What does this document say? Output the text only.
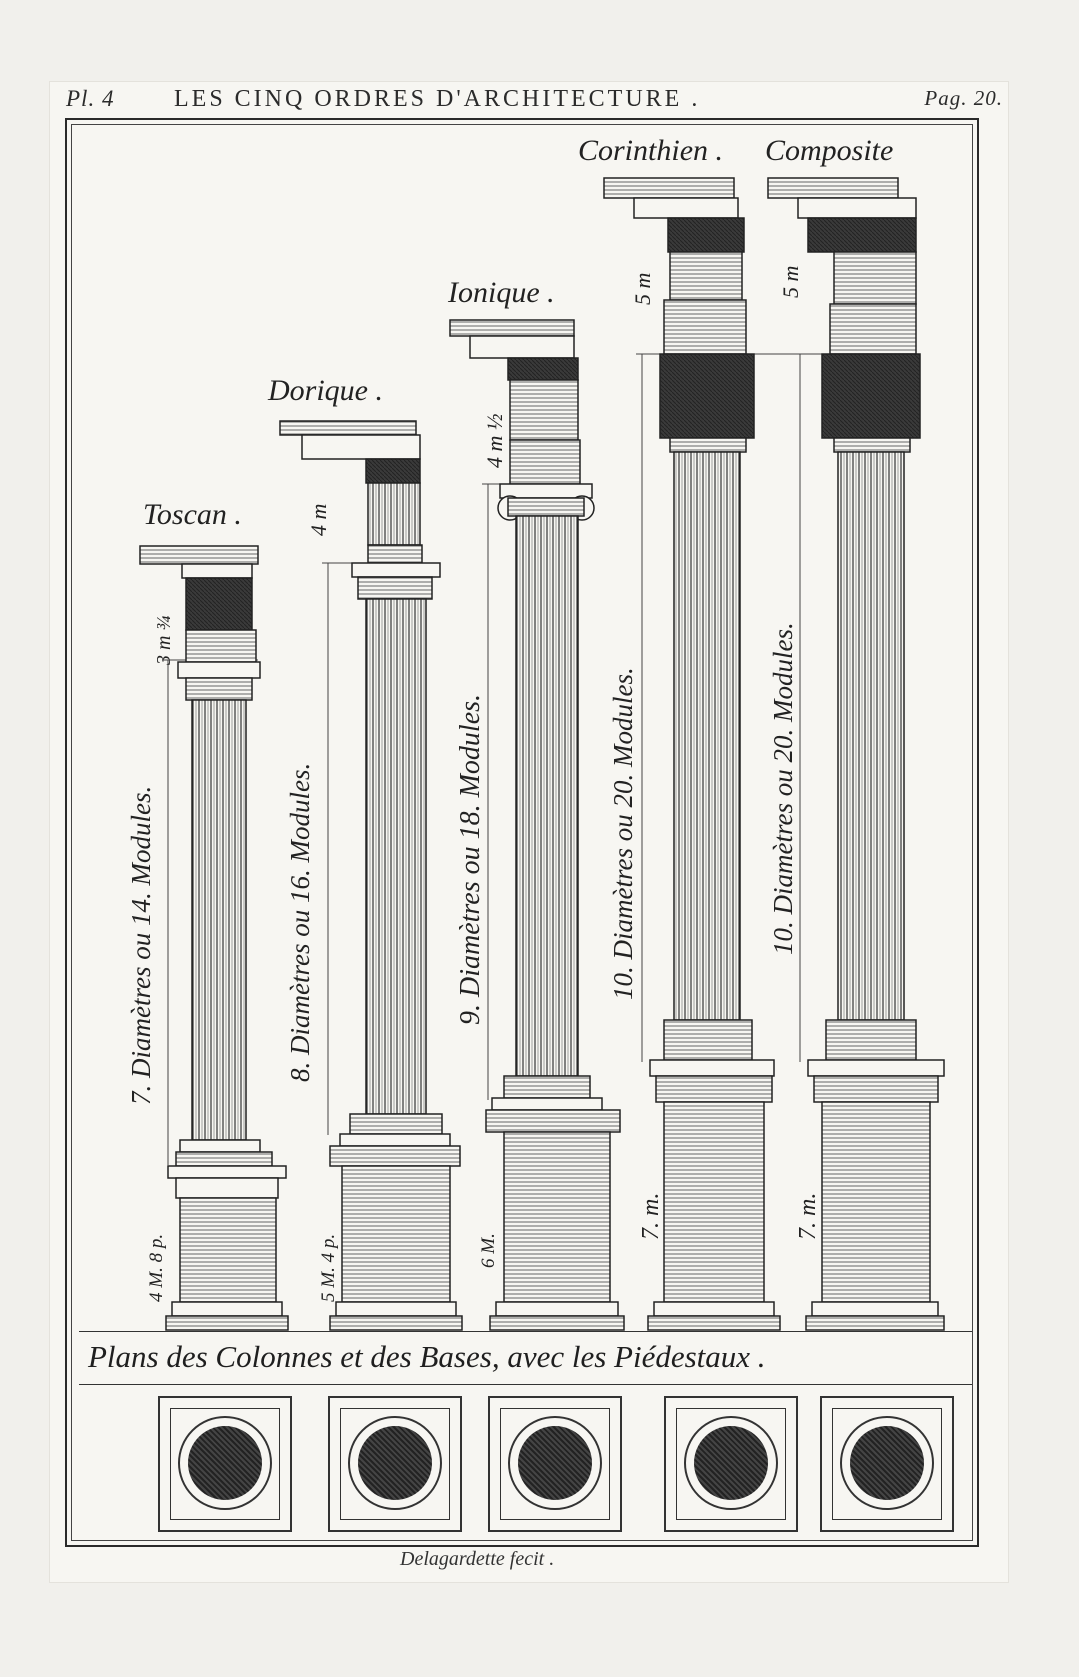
Pl. 4 LES CINQ ORDRES D'ARCHITECTURE .	Pag. 20.
Toscan .
Dorique .
Ionique .
Corinthien . Composite
7. Diamètres ou 14. Modules.	8. Diamètres ou 16. Modules.	9. Diamètres ou 18. Modules.	10. Diamètres ou 20. Modules.	10. Diamètres ou 20. Modules.
3 m ¾
4 m
4 m ½
5 m	5 m
4 M. 8 p.	5 M. 4 p.	6 M.
7. m.	7. m.
Plans des Colonnes et des Bases, avec les Piédestaux .
Delagardette fecit .
